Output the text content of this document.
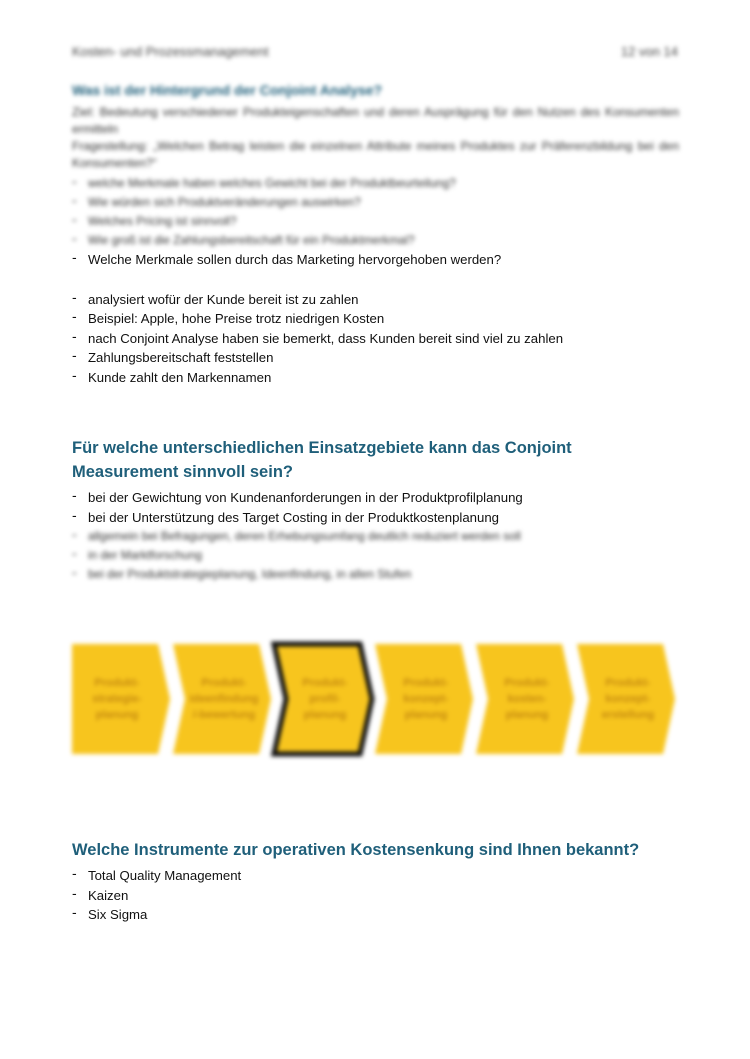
Kosten- und Prozessmanagement	12 von 14
Was ist der Hintergrund der Conjoint Analyse?

Ziel: Bedeutung verschiedener Produkteigenschaften und deren Ausprägung für den Nutzen des Konsumenten ermitteln

Fragestellung: „Welchen Betrag leisten die einzelnen Attribute meines Produktes zur Präferenzbildung bei den Konsumenten?“

- welche Merkmale haben welches Gewicht bei der Produktbeurteilung?
- Wie würden sich Produktveränderungen auswirken?
- Welches Pricing ist sinnvoll?
- Wie groß ist die Zahlungsbereitschaft für ein Produktmerkmal?
- Welche Merkmale sollen durch das Marketing hervorgehoben werden?
- analysiert wofür der Kunde bereit ist zu zahlen
- Beispiel: Apple, hohe Preise trotz niedrigen Kosten
- nach Conjoint Analyse haben sie bemerkt, dass Kunden bereit sind viel zu zahlen
- Zahlungsbereitschaft feststellen
- Kunde zahlt den Markennamen
Für welche unterschiedlichen Einsatzgebiete kann das Conjoint Measurement sinnvoll sein?
- bei der Gewichtung von Kundenanforderungen in der Produktprofilplanung
- bei der Unterstützung des Target Costing in der Produktkostenplanung
- allgemein bei Befragungen, deren Erhebungsumfang deutlich reduziert werden soll
- in der Marktforschung
- bei der Produktstrategieplanung, Ideenfindung, in allen Stufen
Produkt-
strategie-
planung
Produkt-
ideenfindung
/-bewertung
Produkt-
profil-
planung
Produkt-
konzept-
planung
Produkt-
kosten-
planung
Produkt-
konzept-
erstellung
Welche Instrumente zur operativen Kostensenkung sind Ihnen bekannt?
- Total Quality Management
- Kaizen
- Six Sigma
